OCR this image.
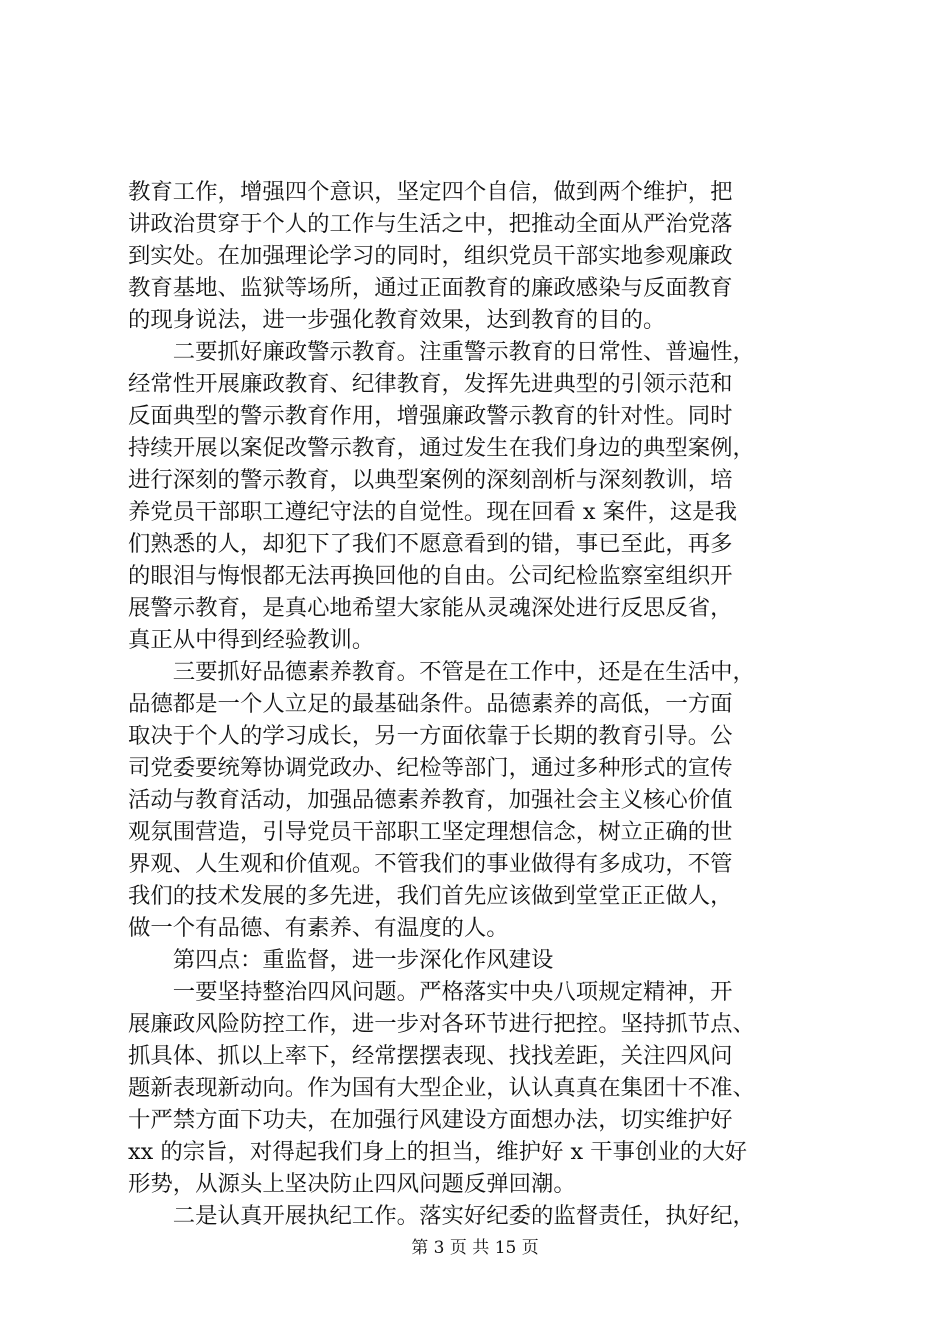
教育工作，增强四个意识，坚定四个自信，做到两个维护，把
讲政治贯穿于个人的工作与生活之中，把推动全面从严治党落
到实处。在加强理论学习的同时，组织党员干部实地参观廉政
教育基地、监狱等场所，通过正面教育的廉政感染与反面教育
的现身说法，进一步强化教育效果，达到教育的目的。
　　二要抓好廉政警示教育。注重警示教育的日常性、普遍性，
经常性开展廉政教育、纪律教育，发挥先进典型的引领示范和
反面典型的警示教育作用，增强廉政警示教育的针对性。同时
持续开展以案促改警示教育，通过发生在我们身边的典型案例，
进行深刻的警示教育，以典型案例的深刻剖析与深刻教训，培
养党员干部职工遵纪守法的自觉性。现在回看 x 案件，这是我
们熟悉的人，却犯下了我们不愿意看到的错，事已至此，再多
的眼泪与悔恨都无法再换回他的自由。公司纪检监察室组织开
展警示教育，是真心地希望大家能从灵魂深处进行反思反省，
真正从中得到经验教训。
　　三要抓好品德素养教育。不管是在工作中，还是在生活中，
品德都是一个人立足的最基础条件。品德素养的高低，一方面
取决于个人的学习成长，另一方面依靠于长期的教育引导。公
司党委要统筹协调党政办、纪检等部门，通过多种形式的宣传
活动与教育活动，加强品德素养教育，加强社会主义核心价值
观氛围营造，引导党员干部职工坚定理想信念，树立正确的世
界观、人生观和价值观。不管我们的事业做得有多成功，不管
我们的技术发展的多先进，我们首先应该做到堂堂正正做人，
做一个有品德、有素养、有温度的人。
　　第四点：重监督，进一步深化作风建设
　　一要坚持整治四风问题。严格落实中央八项规定精神，开
展廉政风险防控工作，进一步对各环节进行把控。坚持抓节点、
抓具体、抓以上率下，经常摆摆表现、找找差距，关注四风问
题新表现新动向。作为国有大型企业，认认真真在集团十不准、
十严禁方面下功夫，在加强行风建设方面想办法，切实维护好
xx 的宗旨，对得起我们身上的担当，维护好 x 干事创业的大好
形势，从源头上坚决防止四风问题反弹回潮。
　　二是认真开展执纪工作。落实好纪委的监督责任，执好纪，
第 3 页 共 15 页
